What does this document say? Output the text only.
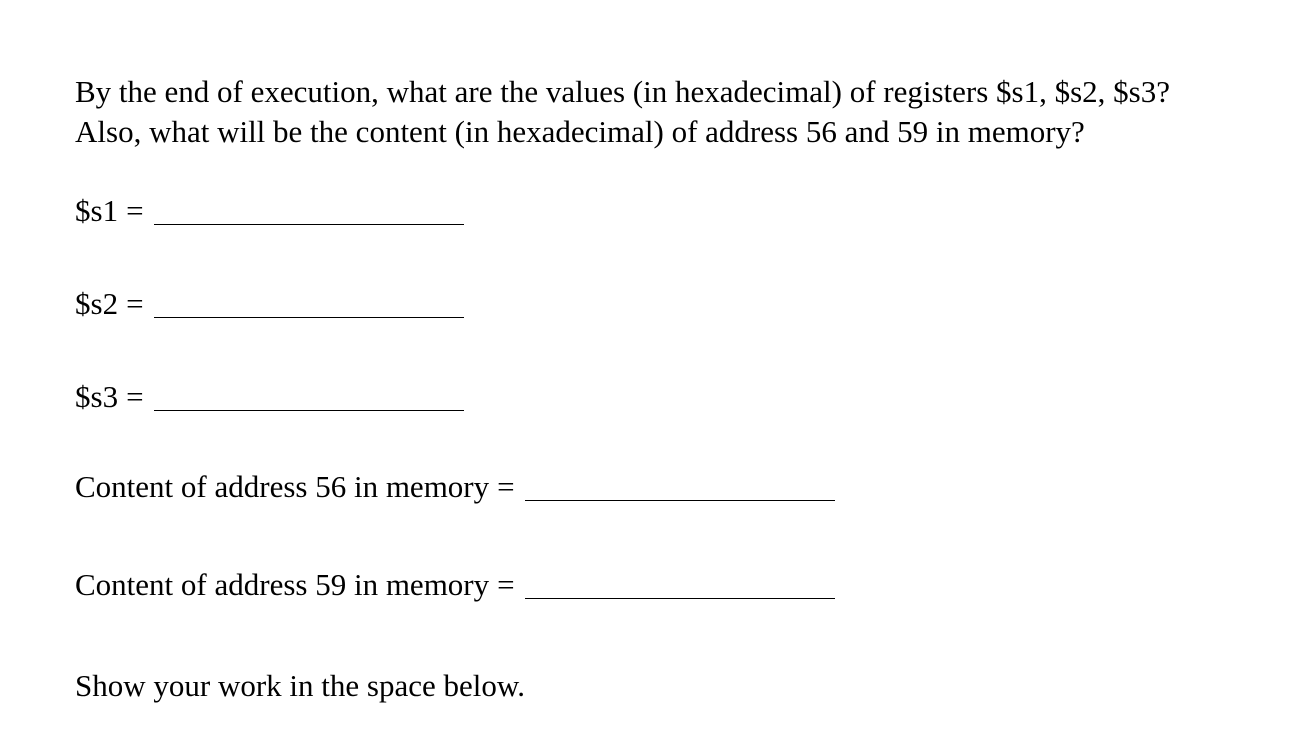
By the end of execution, what are the values (in hexadecimal) of registers $s1, $s2, $s3?
Also, what will be the content (in hexadecimal) of address 56 and 59 in memory?

$s1 =
$s2 =
$s3 =
Content of address 56 in memory =
Content of address 59 in memory =

Show your work in the space below.
